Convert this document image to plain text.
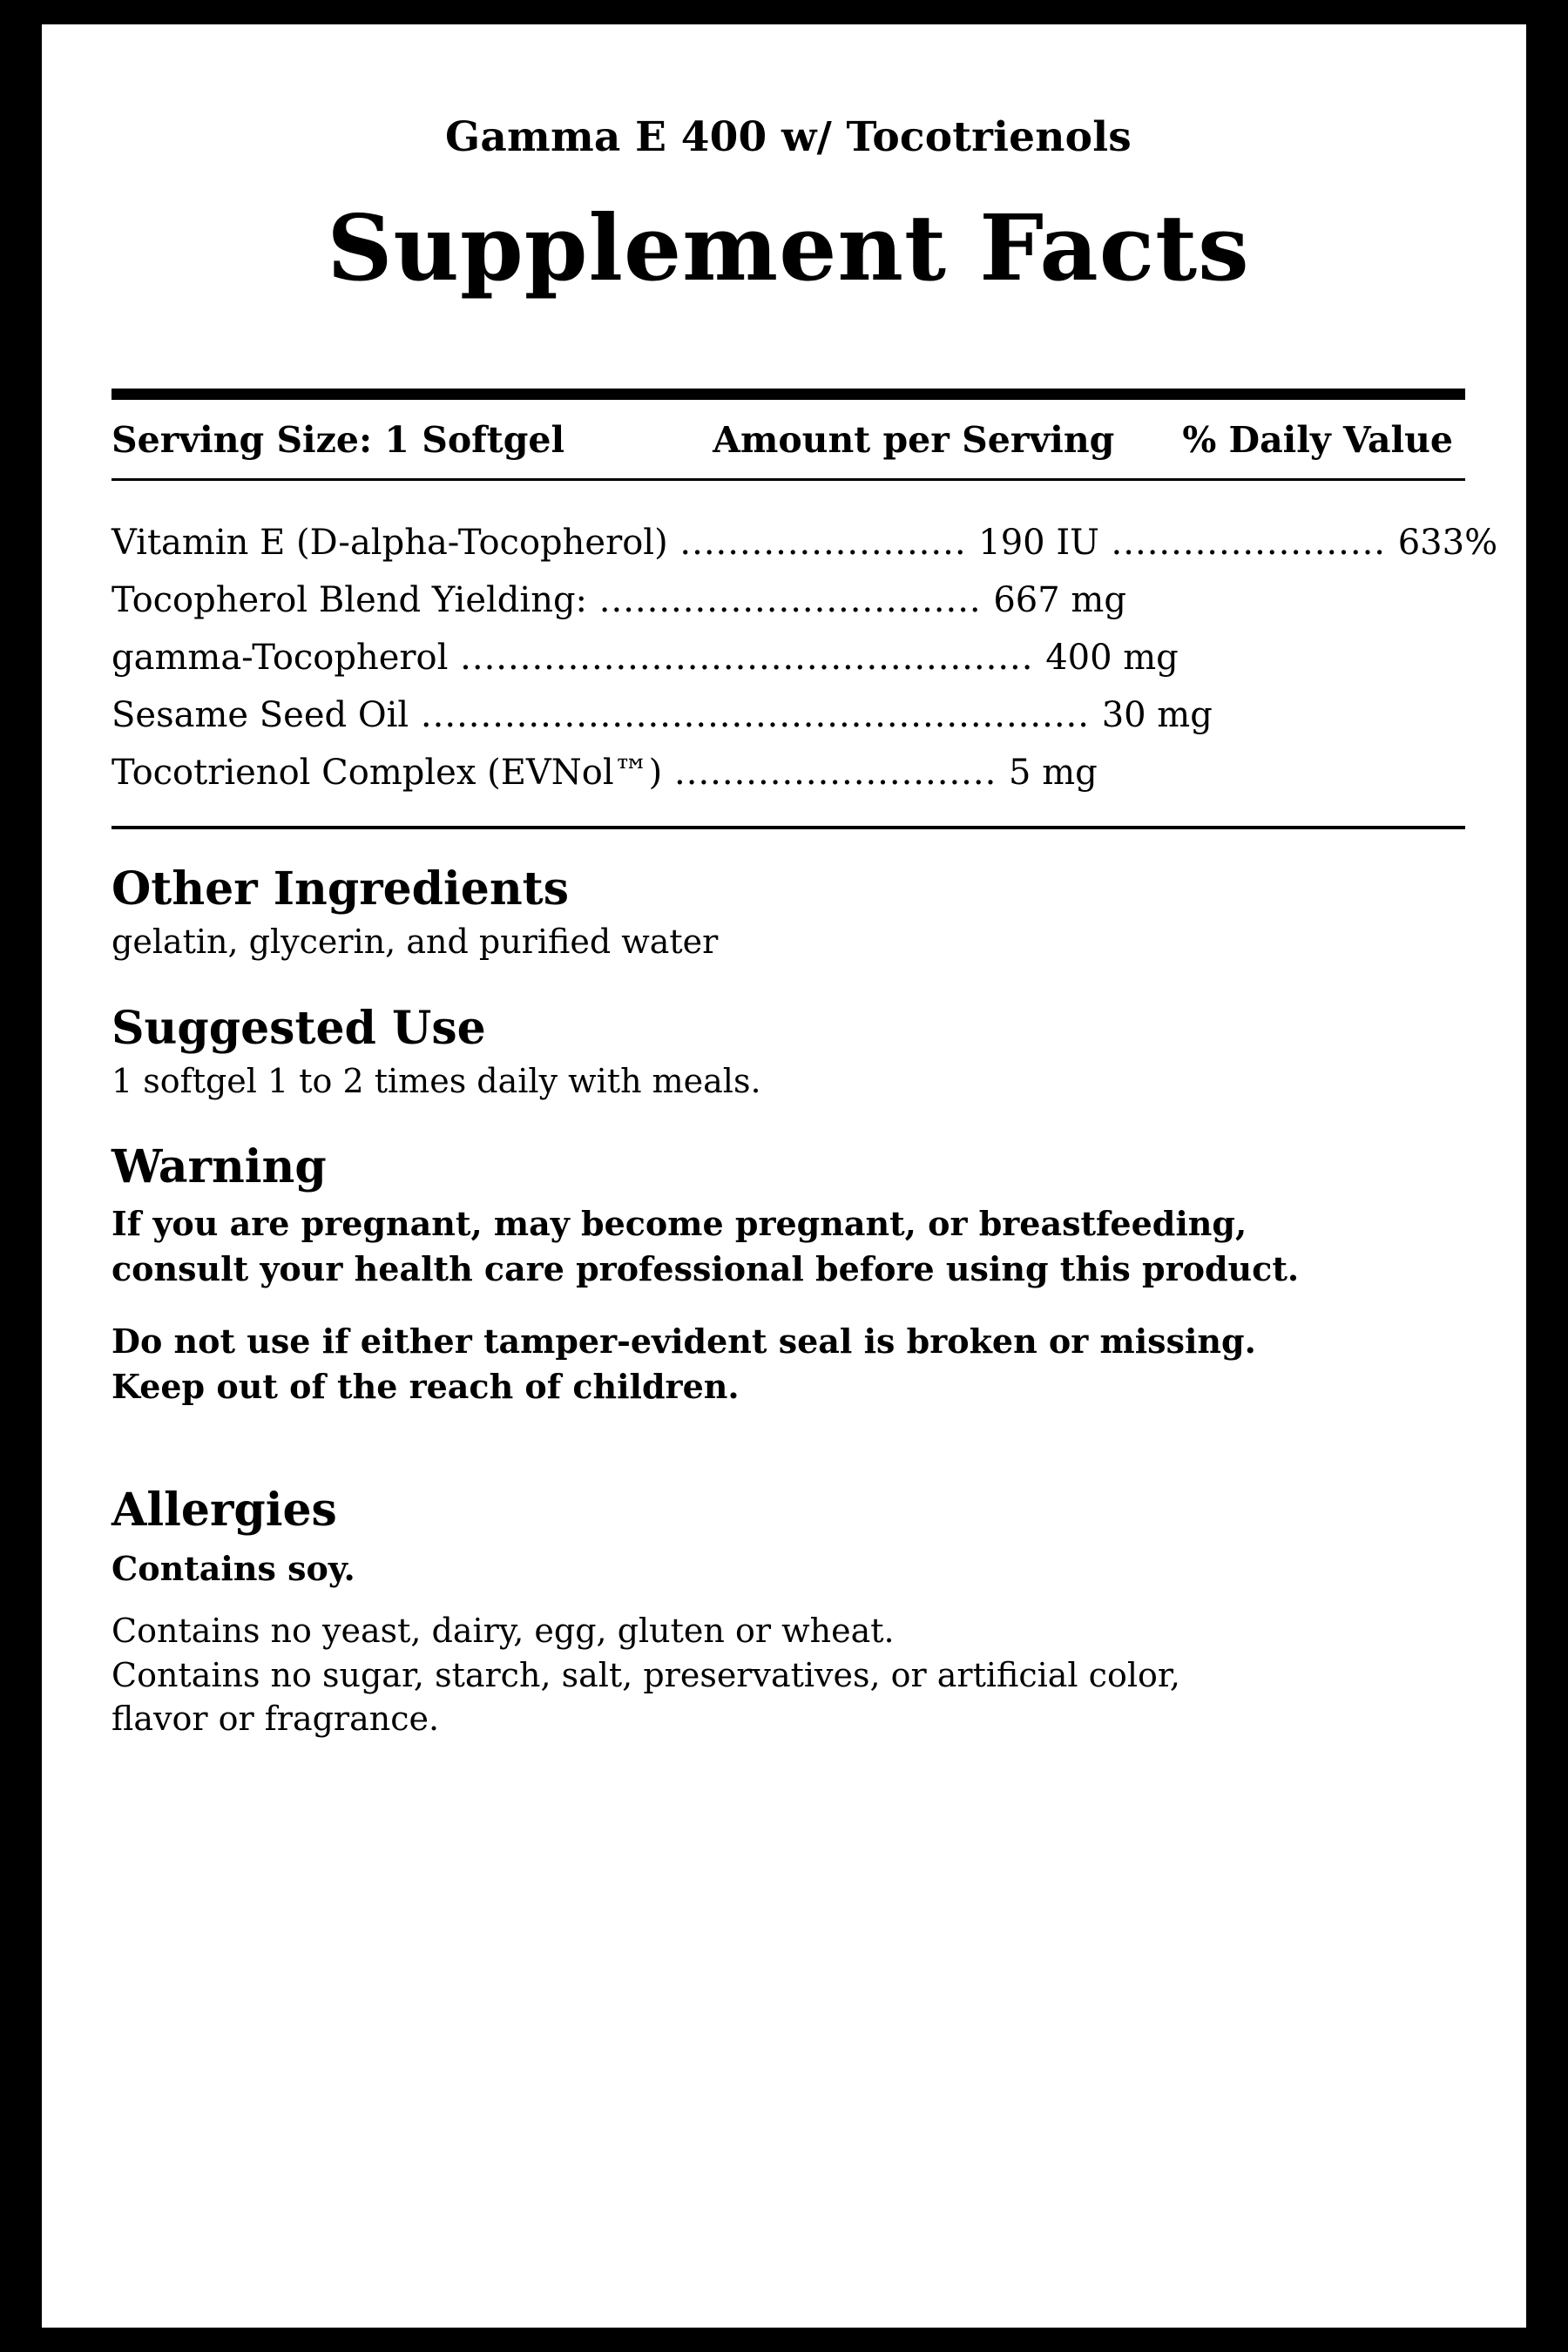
Gamma E 400 w/ Tocotrienols
Supplement Facts
Serving Size: 1 Softgel	Amount per Serving % Daily Value
Vitamin E (D-alpha-Tocopherol) ........................ 190 IU ....................... 633%
Tocopherol Blend Yielding: ................................ 667 mg
gamma-Tocopherol ................................................ 400 mg
Sesame Seed Oil ........................................................ 30 mg
Tocotrienol Complex (EVNol™) ........................... 5 mg
Other Ingredients
gelatin, glycerin, and purified water
Suggested Use
1 softgel 1 to 2 times daily with meals.
Warning
If you are pregnant, may become pregnant, or breastfeeding,
consult your health care professional before using this product.
Do not use if either tamper-evident seal is broken or missing.
Keep out of the reach of children.
Allergies
Contains soy.
Contains no yeast, dairy, egg, gluten or wheat.
Contains no sugar, starch, salt, preservatives, or artificial color,
flavor or fragrance.
